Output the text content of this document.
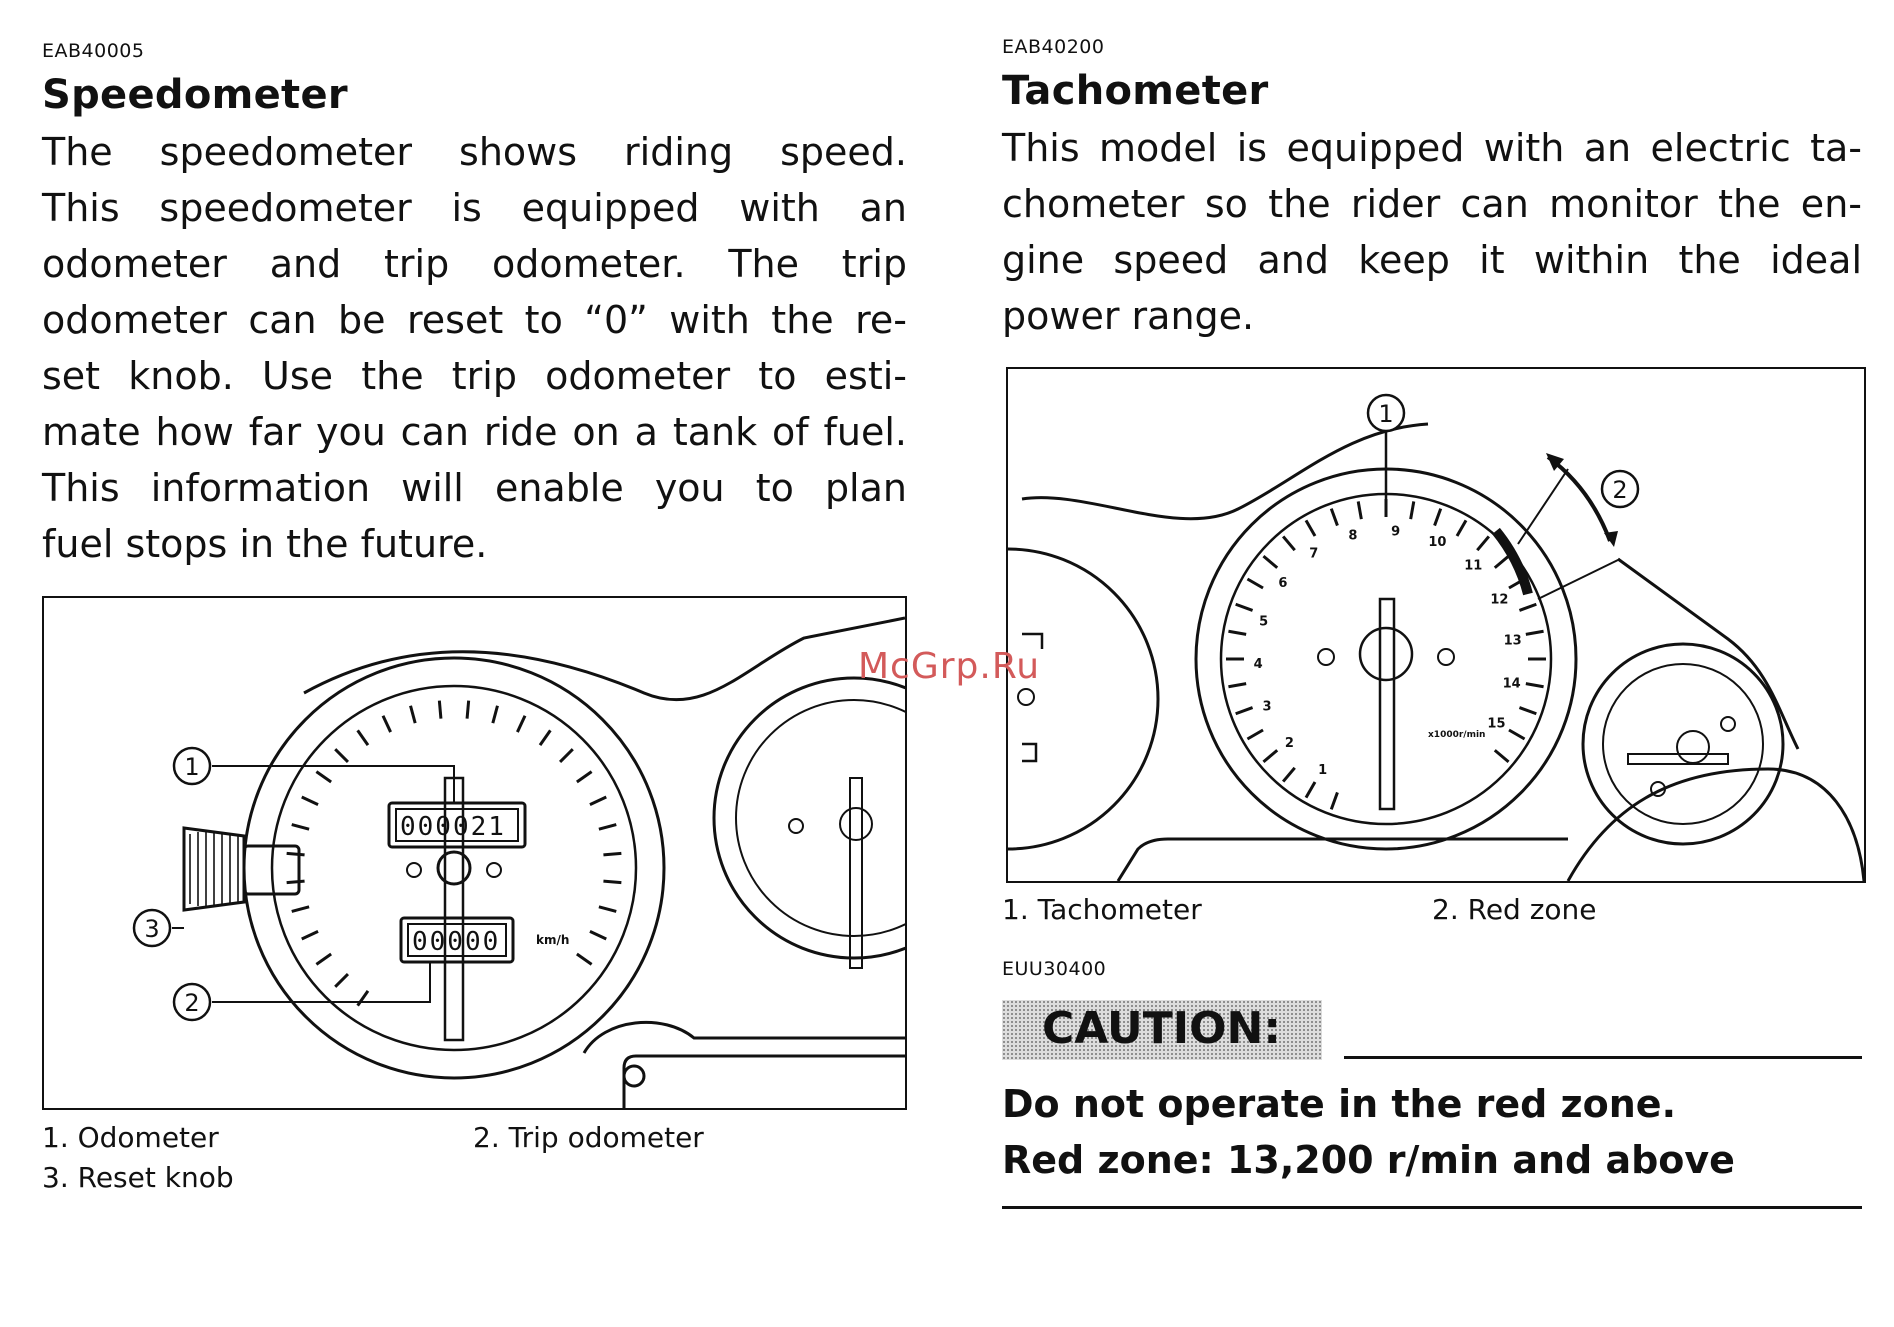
EAB40005
Speedometer
The speedometer shows riding speed.
This speedometer is equipped with an
odometer and trip odometer. The trip
odometer can be reset to “0” with the re-
set knob. Use the trip odometer to esti-
mate how far you can ride on a tank of fuel.
This information will enable you to plan
fuel stops in the future.
1
3
2
000021
00000	km/h
1. Odometer	2. Trip odometer
3. Reset knob
EAB40200
Tachometer
This model is equipped with an electric ta-
chometer so the rider can monitor the en-
gine speed and keep it within the ideal
power range.
1
2
3
4
5
6
7
8	9
10
11
12
13
14
15
x1000r/min
1
2
1. Tachometer	2. Red zone
EUU30400
CAUTION:
Do not operate in the red zone.
Red zone: 13,200 r/min and above
McGrp.Ru
